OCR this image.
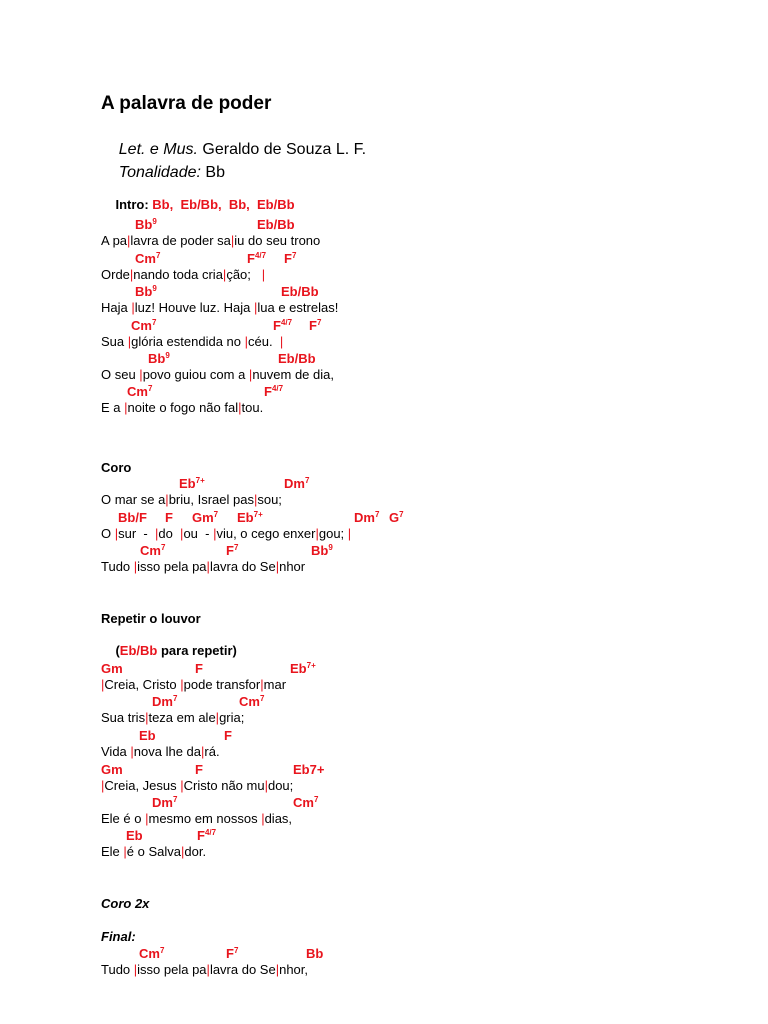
A palavra de poder

Let. e Mus. Geraldo de Souza L. F.

Tonalidade: Bb

Intro: Bb,  Eb/Bb,  Bb,  Eb/Bb

Coro
Repetir o louvor

(Eb/Bb para repetir)

Coro 2x
Final:
Bb$^9$	Eb/Bb
A pa|lavra de poder sa|iu do seu trono
Cm$^7$	$F^{4/7}$ $F^7$
Orde|nando toda cria|ção;   |
Bb$^9$	Eb/Bb
Haja |luz! Houve luz. Haja |lua e estrelas!
Cm$^7$	$F^{4/7}$ $F^7$
Sua |glória estendida no |céu.  |
Bb$^9$	Eb/Bb
O seu |povo guiou com a |nuvem de dia,
Cm$^7$	$F^{4/7}$
E a |noite o fogo não fal|tou.
$Eb^{7+}$	Dm$^7$
O mar se a|briu, Israel pas|sou;
Bb/F F Gm$^7$ $Eb^{7+}$	Dm$^7$ $G^7$
O |sur  -  |do  |ou  - |viu, o cego enxer|gou; |
Cm$^7$	$F^7$	Bb$^9$
Tudo |isso pela pa|lavra do Se|nhor
Gm	F	$Eb^{7+}$
|Creia, Cristo |pode transfor|mar
Dm$^7$	Cm$^7$
Sua tris|teza em ale|gria;
Eb	F
Vida |nova lhe da|rá.
Gm	F	Eb7+
|Creia, Jesus |Cristo não mu|dou;
Dm$^7$	Cm$^7$
Ele é o |mesmo em nossos |dias,
Eb	$F^{4/7}$
Ele |é o Salva|dor.
Cm$^7$	$F^7$	Bb
Tudo |isso pela pa|lavra do Se|nhor,
